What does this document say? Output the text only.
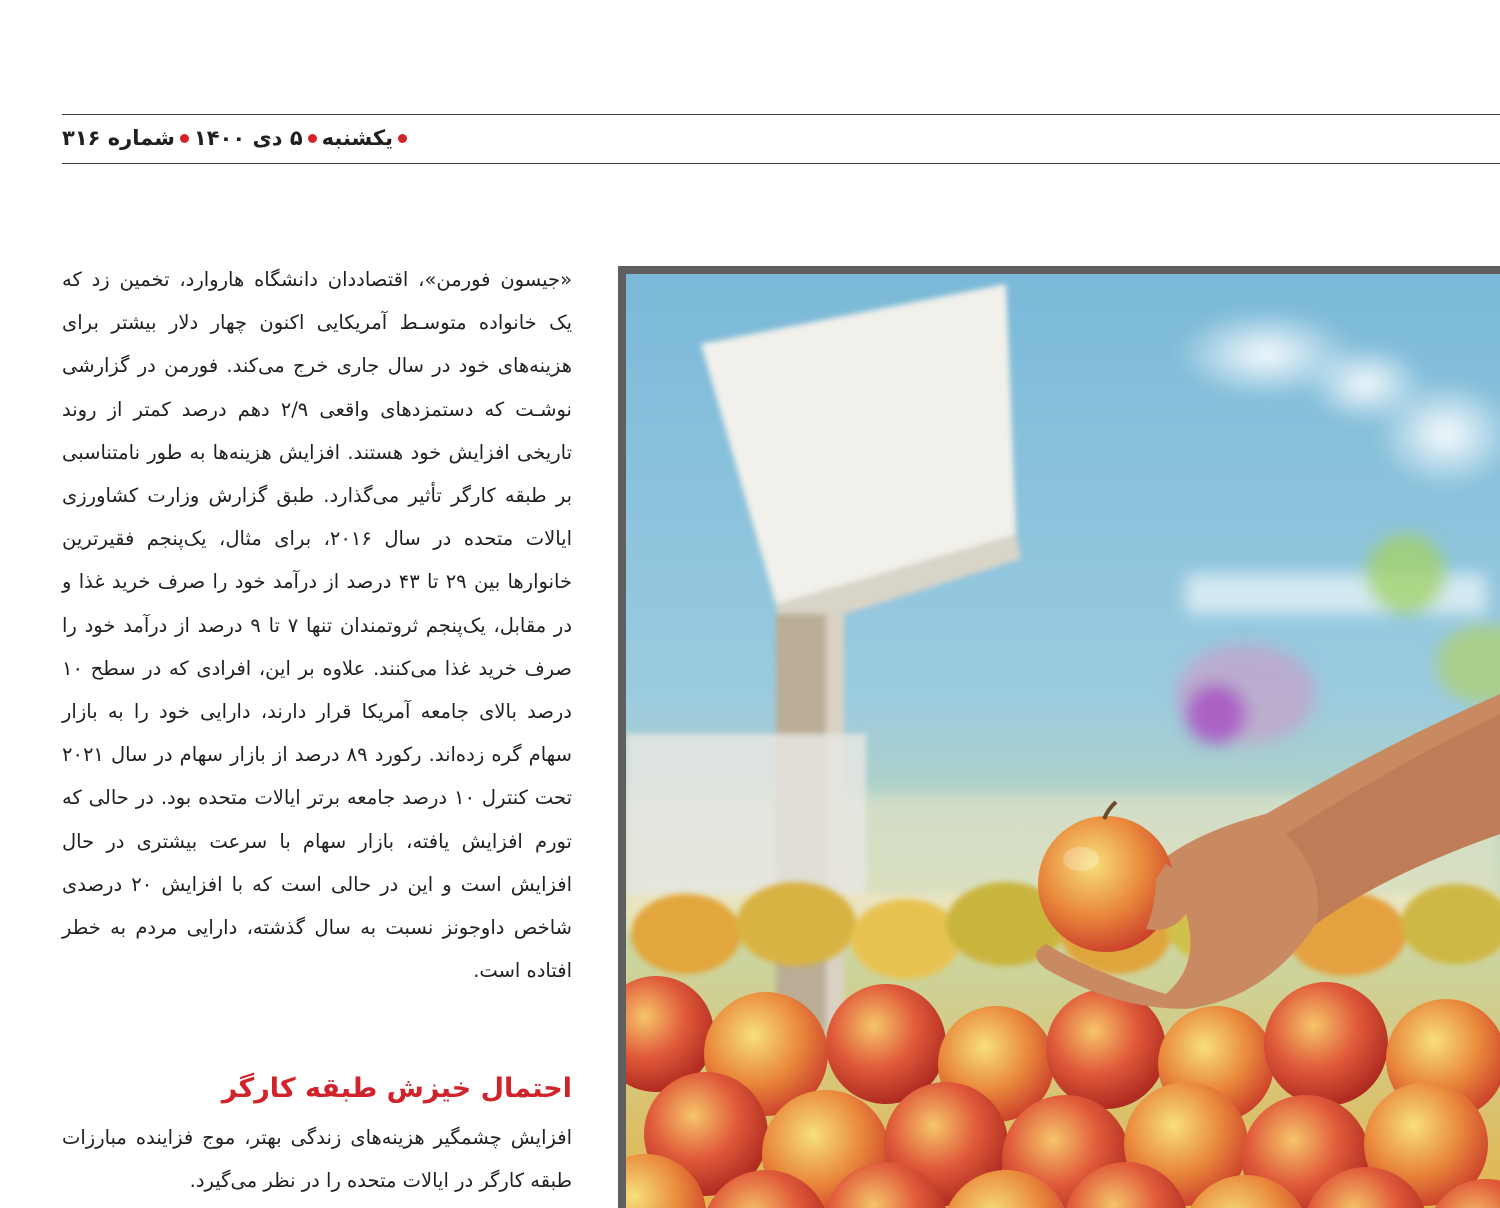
یکشنبه
۵ دی ۱۴۰۰
شماره ۳۱۶

«جیسون فورمن»، اقتصاددان دانشگاه هاروارد، تخمین زد که یک خانواده متوسـط آمریکایی اکنون چهار دلار بیشتر برای هزینه‌های خود در سال جاری خرج می‌کند. فورمن در گزارشی نوشـت که دستمزدهای واقعی ۲/۹ دهم درصد کمتر از روند تاریخی افزایش خود هستند. افزایش هزینه‌ها به طور نامتناسبی بر طبقه کارگر تأثیر می‌گذارد. طبق گزارش وزارت کشاورزی ایالات متحده در سال ۲۰۱۶، برای مثال، یک‌پنجم فقیرترین خانوارها بین ۲۹ تا ۴۳ درصد از درآمد خود را صرف خرید غذا و در مقابل، یک‌پنجم ثروتمندان تنها ۷ تا ۹ درصد از درآمد خود را صرف خرید غذا می‌کنند. علاوه بر این، افرادی که در سطح ۱۰ درصد بالای جامعه آمریکا قرار دارند، دارایی خود را به بازار سهام گره زده‌اند. رکورد ۸۹ درصد از بازار سهام در سال ۲۰۲۱ تحت کنترل ۱۰ درصد جامعه برتر ایالات متحده بود. در حالی که تورم افزایش یافته، بازار سهام با سرعت بیشتری در حال افزایش است و این در حالی است که با افزایش ۲۰ درصدی شاخص داوجونز نسبت به سال گذشته، دارایی مردم به خطر افتاده است.

احتمال خیزش طبقه کارگر

افزایش چشمگیر هزینه‌های زندگی بهتر، موج فزاینده مبارزات طبقه کارگر در ایالات متحده را در نظر می‌گیرد.
